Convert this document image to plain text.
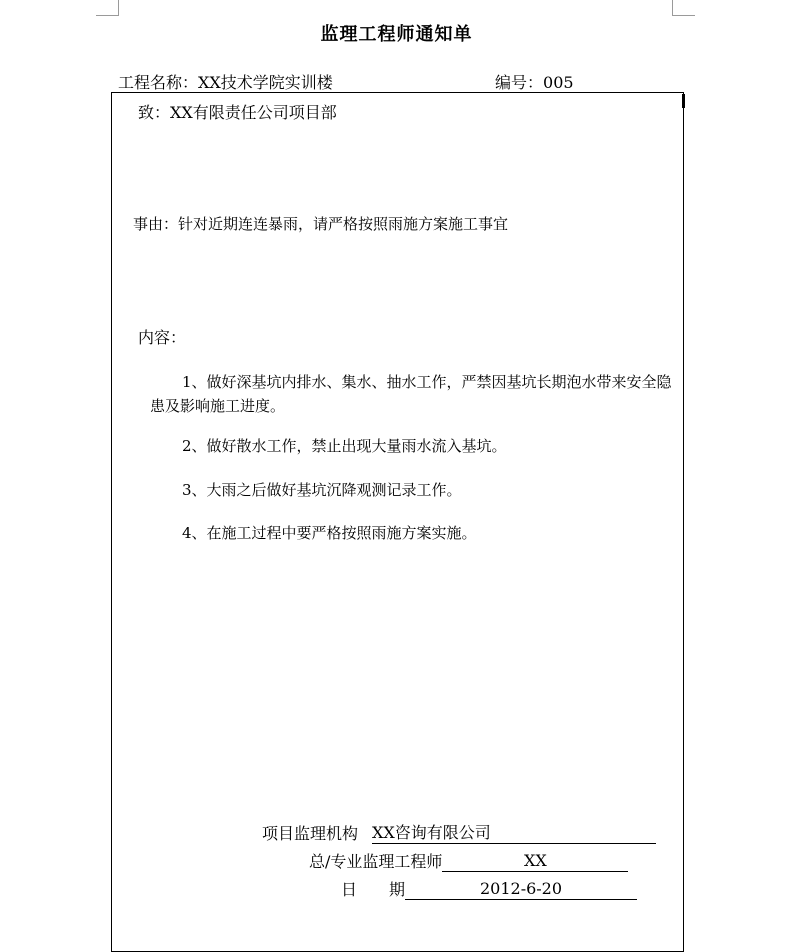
监理工程师通知单
工程名称：XX技术学院实训楼	编号：005
致：XX有限责任公司项目部
事由：针对近期连连暴雨，请严格按照雨施方案施工事宜
内容：
1、做好深基坑内排水、集水、抽水工作，严禁因基坑长期泡水带来安全隐患及影响施工进度。
2、做好散水工作，禁止出现大量雨水流入基坑。
3、大雨之后做好基坑沉降观测记录工作。
4、在施工过程中要严格按照雨施方案实施。
项目监理机构 XX咨询有限公司
总/专业监理工程师	XX
日　　期	2012-6-20
